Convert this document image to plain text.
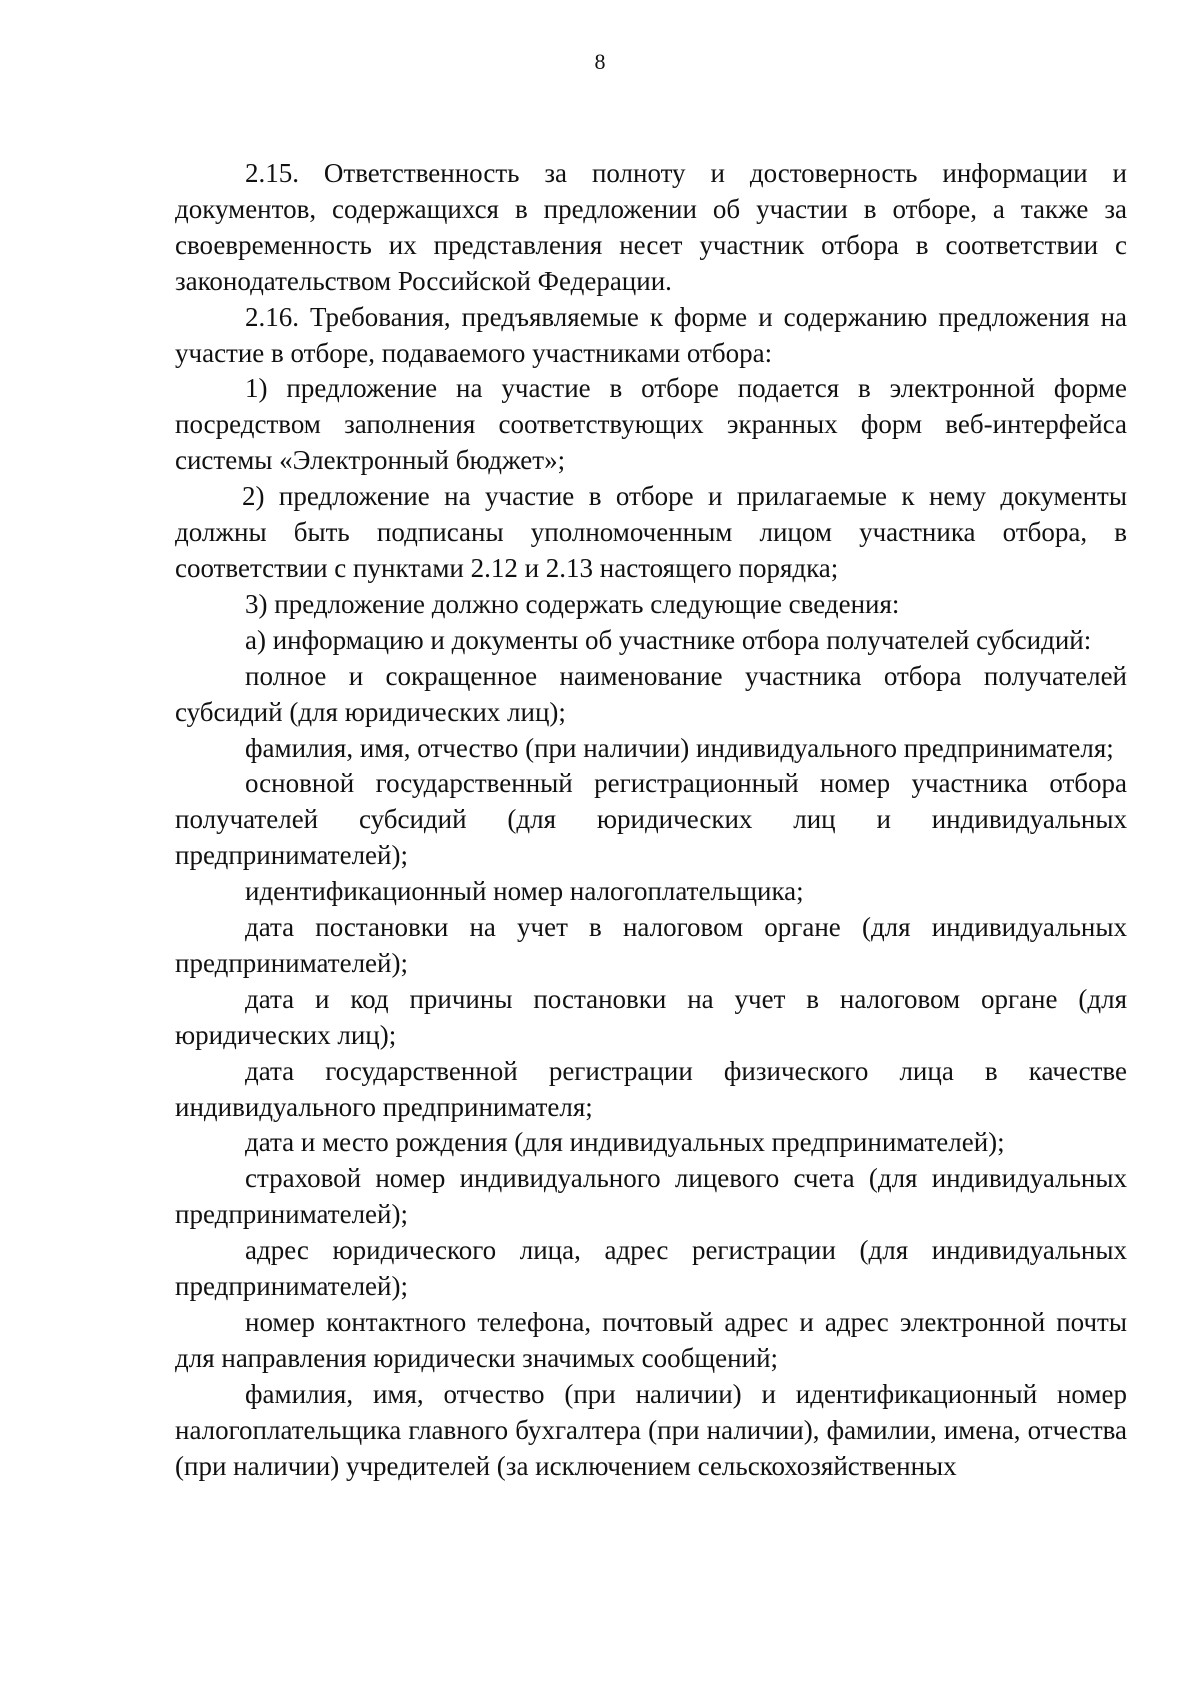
8

2.15. Ответственность за полноту и достоверность информации и документов, содержащихся в предложении об участии в отборе, а также за своевременность их представления несет участник отбора в соответствии с законодательством Российской Федерации.

2.16. Требования, предъявляемые к форме и содержанию предложения на участие в отборе, подаваемого участниками отбора:

1) предложение на участие в отборе подается в электронной форме посредством заполнения соответствующих экранных форм веб-интерфейса системы «Электронный бюджет»;

2) предложение на участие в отборе и прилагаемые к нему документы должны быть подписаны уполномоченным лицом участника отбора, в соответствии с пунктами 2.12 и 2.13 настоящего порядка;

3) предложение должно содержать следующие сведения:

а) информацию и документы об участнике отбора получателей субсидий:

полное и сокращенное наименование участника отбора получателей субсидий (для юридических лиц);

фамилия, имя, отчество (при наличии) индивидуального предпринимателя;

основной государственный регистрационный номер участника отбора получателей субсидий (для юридических лиц и индивидуальных предпринимателей);

идентификационный номер налогоплательщика;

дата постановки на учет в налоговом органе (для индивидуальных предпринимателей);

дата и код причины постановки на учет в налоговом органе (для юридических лиц);

дата государственной регистрации физического лица в качестве индивидуального предпринимателя;

дата и место рождения (для индивидуальных предпринимателей);

страховой номер индивидуального лицевого счета (для индивидуальных предпринимателей);

адрес юридического лица, адрес регистрации (для индивидуальных предпринимателей);

номер контактного телефона, почтовый адрес и адрес электронной почты для направления юридически значимых сообщений;

фамилия, имя, отчество (при наличии) и идентификационный номер налогоплательщика главного бухгалтера (при наличии), фамилии, имена, отчества (при наличии) учредителей (за исключением сельскохозяйственных
